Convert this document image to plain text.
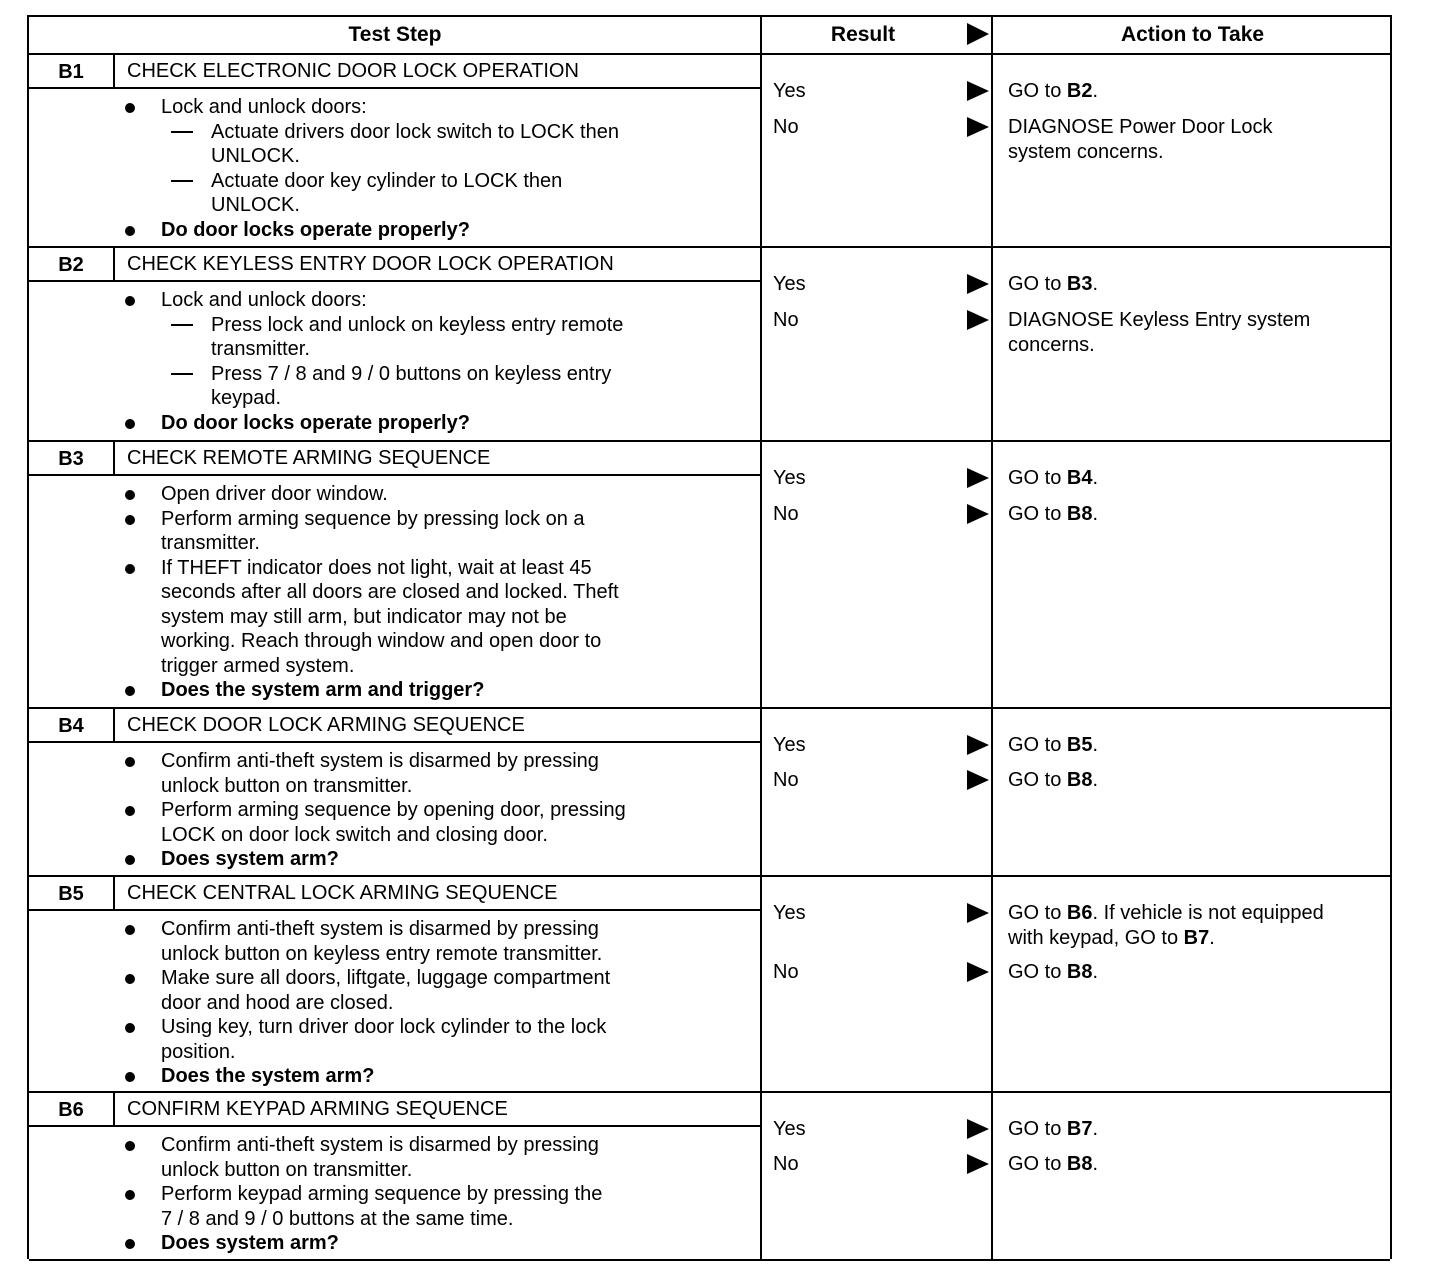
Test Step	Result	Action to Take
B1	CHECK ELECTRONIC DOOR LOCK OPERATION
Lock and unlock doors:
Actuate drivers door lock switch to LOCK then
UNLOCK.
Actuate door key cylinder to LOCK then
UNLOCK.
Do door locks operate properly?
Yes	GO to B2.
No	DIAGNOSE Power Door Lock
system concerns.
B2	CHECK KEYLESS ENTRY DOOR LOCK OPERATION
Lock and unlock doors:
Press lock and unlock on keyless entry remote
transmitter.
Press 7 / 8 and 9 / 0 buttons on keyless entry
keypad.
Do door locks operate properly?
Yes	GO to B3.
No	DIAGNOSE Keyless Entry system
concerns.
B3	CHECK REMOTE ARMING SEQUENCE
Open driver door window.
Perform arming sequence by pressing lock on a
transmitter.
If THEFT indicator does not light, wait at least 45
seconds after all doors are closed and locked. Theft
system may still arm, but indicator may not be
working. Reach through window and open door to
trigger armed system.
Does the system arm and trigger?
Yes	GO to B4.
No	GO to B8.
B4	CHECK DOOR LOCK ARMING SEQUENCE
Confirm anti-theft system is disarmed by pressing
unlock button on transmitter.
Perform arming sequence by opening door, pressing
LOCK on door lock switch and closing door.
Does system arm?
Yes	GO to B5.
No	GO to B8.
B5	CHECK CENTRAL LOCK ARMING SEQUENCE
Confirm anti-theft system is disarmed by pressing
unlock button on keyless entry remote transmitter.
Make sure all doors, liftgate, luggage compartment
door and hood are closed.
Using key, turn driver door lock cylinder to the lock
position.
Does the system arm?
Yes	GO to B6. If vehicle is not equipped
with keypad, GO to B7.
No	GO to B8.
B6	CONFIRM KEYPAD ARMING SEQUENCE
Confirm anti-theft system is disarmed by pressing
unlock button on transmitter.
Perform keypad arming sequence by pressing the
7 / 8 and 9 / 0 buttons at the same time.
Does system arm?
Yes	GO to B7.
No	GO to B8.
